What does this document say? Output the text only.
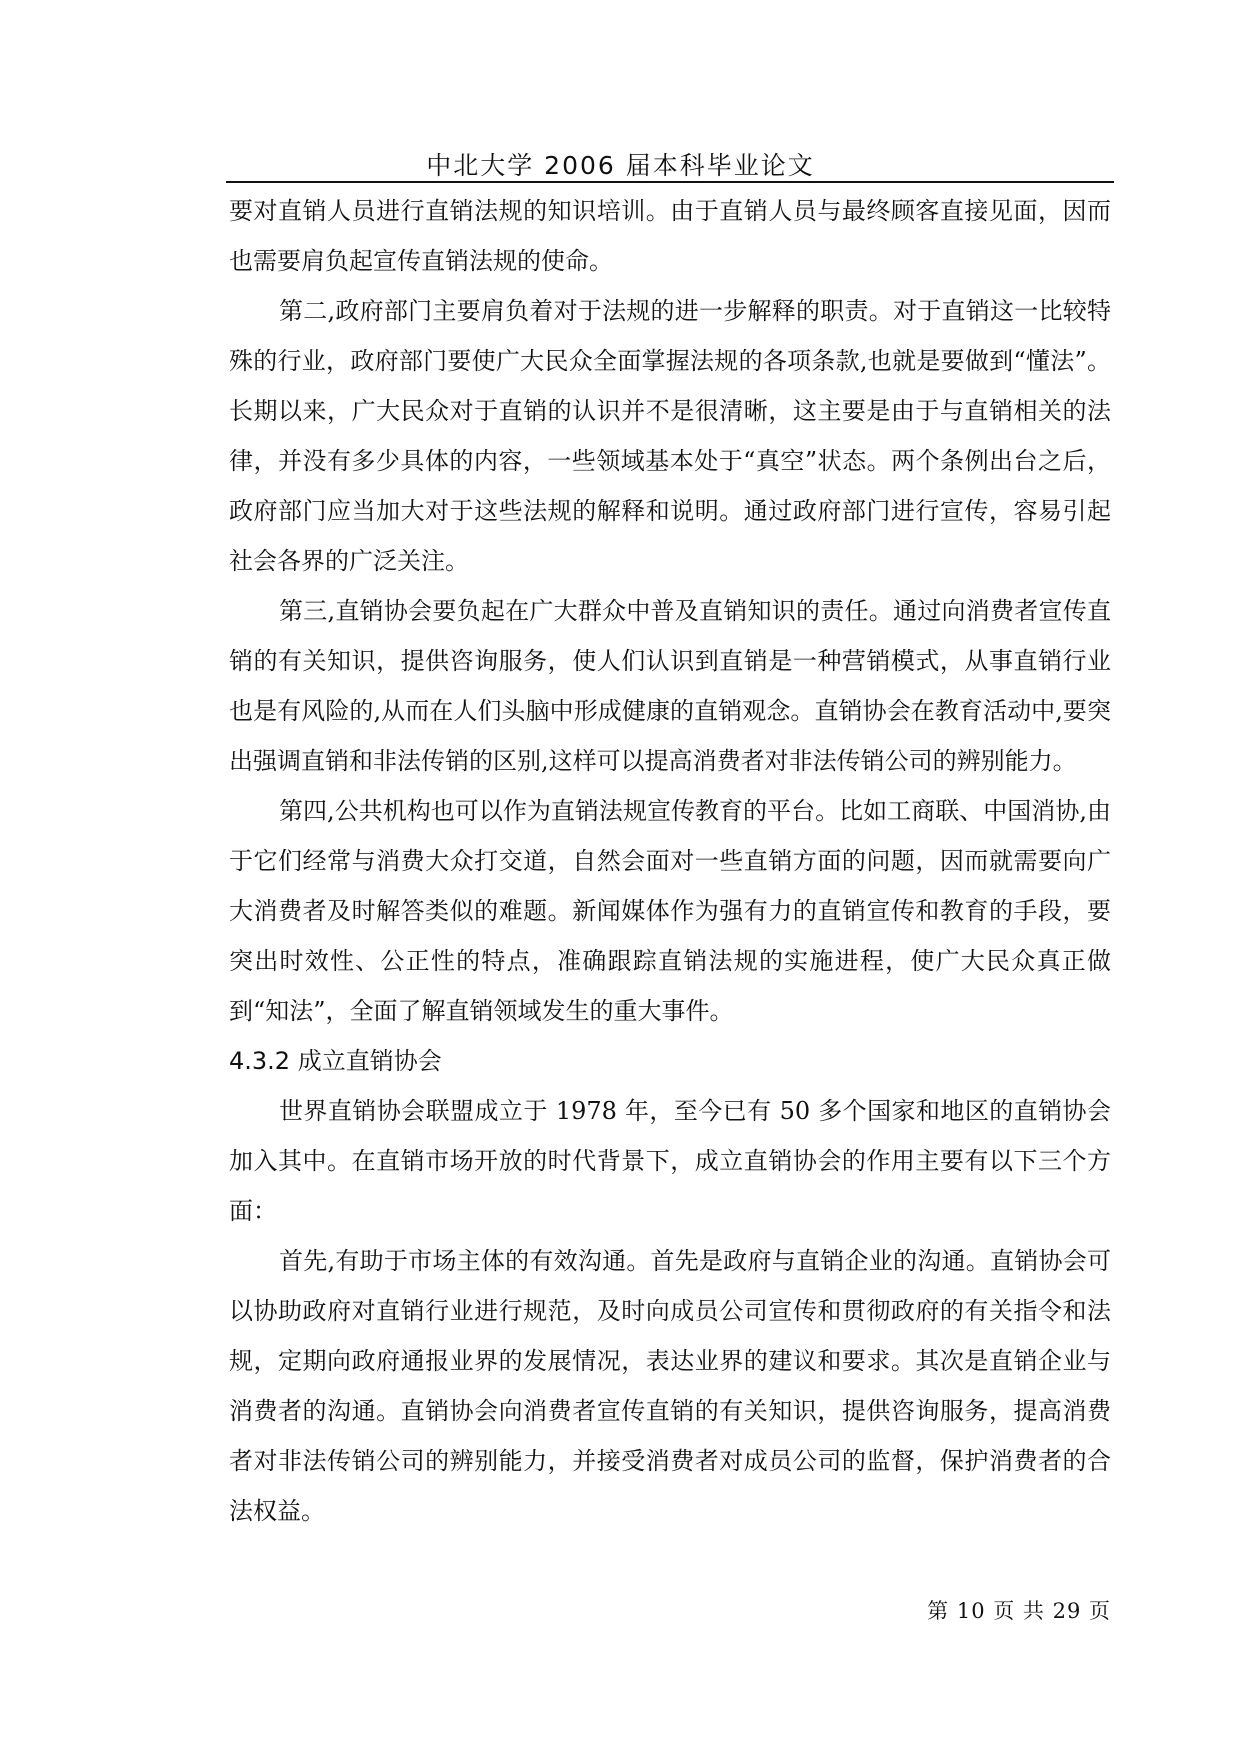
中北大学 2006 届本科毕业论文

要对直销人员进行直销法规的知识培训。由于直销人员与最终顾客直接见面，因而也需要肩负起宣传直销法规的使命。

第二,政府部门主要肩负着对于法规的进一步解释的职责。对于直销这一比较特殊的行业，政府部门要使广大民众全面掌握法规的各项条款,也就是要做到“懂法”。长期以来，广大民众对于直销的认识并不是很清晰，这主要是由于与直销相关的法律，并没有多少具体的内容，一些领域基本处于“真空”状态。两个条例出台之后，政府部门应当加大对于这些法规的解释和说明。通过政府部门进行宣传，容易引起社会各界的广泛关注。

第三,直销协会要负起在广大群众中普及直销知识的责任。通过向消费者宣传直销的有关知识，提供咨询服务，使人们认识到直销是一种营销模式，从事直销行业也是有风险的,从而在人们头脑中形成健康的直销观念。直销协会在教育活动中,要突出强调直销和非法传销的区别,这样可以提高消费者对非法传销公司的辨别能力。

第四,公共机构也可以作为直销法规宣传教育的平台。比如工商联、中国消协,由于它们经常与消费大众打交道，自然会面对一些直销方面的问题，因而就需要向广大消费者及时解答类似的难题。新闻媒体作为强有力的直销宣传和教育的手段，要突出时效性、公正性的特点，准确跟踪直销法规的实施进程，使广大民众真正做到“知法”，全面了解直销领域发生的重大事件。

4.3.2 成立直销协会

世界直销协会联盟成立于 1978 年，至今已有 50 多个国家和地区的直销协会加入其中。在直销市场开放的时代背景下，成立直销协会的作用主要有以下三个方面：

首先,有助于市场主体的有效沟通。首先是政府与直销企业的沟通。直销协会可以协助政府对直销行业进行规范，及时向成员公司宣传和贯彻政府的有关指令和法规，定期向政府通报业界的发展情况，表达业界的建议和要求。其次是直销企业与消费者的沟通。直销协会向消费者宣传直销的有关知识，提供咨询服务，提高消费者对非法传销公司的辨别能力，并接受消费者对成员公司的监督，保护消费者的合法权益。

第 10 页 共 29 页
